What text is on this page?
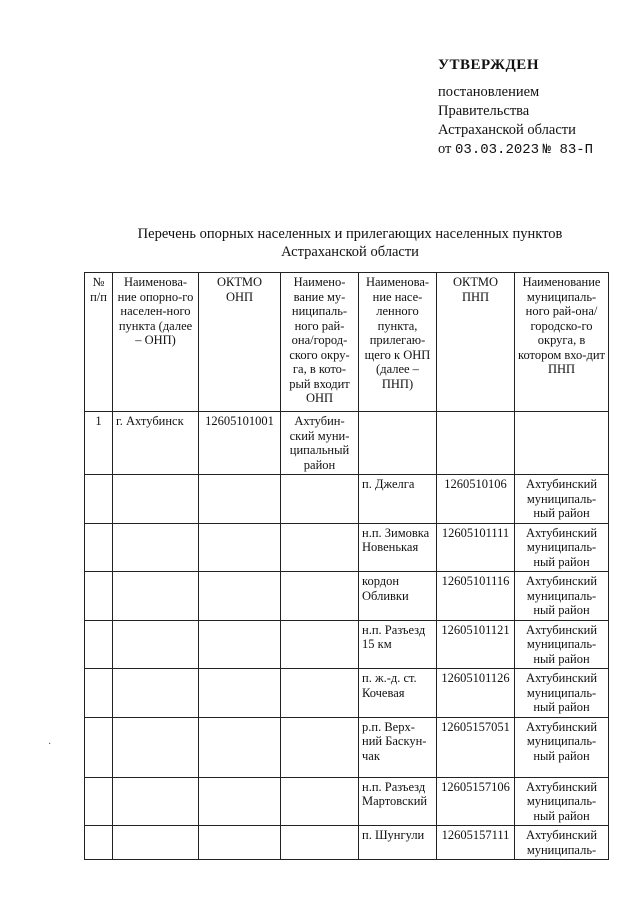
УТВЕРЖДЕН
постановлением
Правительства
Астраханской области
от 03.03.2023 № 83-П
Перечень опорных населенных и прилегающих населенных пунктов Астраханской области
№ п/п	Наименова-ние опорно-го населен-ного пункта (далее – ОНП)	ОКТМО ОНП	Наимено-вание му-ниципаль-ного рай-она/город-ского окру-га, в кото-рый входит ОНП	Наименова-ние насе-ленного пункта, прилегаю-щего к ОНП (далее – ПНП)	ОКТМО ПНП	Наименование муниципаль-ного рай-она/городско-го округа, в котором вхо-дит ПНП
1	г. Ахтубинск	12605101001	Ахтубин-ский муни-ципальный район			
				п. Джелга	1260510106	Ахтубинский муниципаль-ный район
				н.п. Зимовка Новенькая	12605101111	Ахтубинский муниципаль-ный район
				кордон Обливки	12605101116	Ахтубинский муниципаль-ный район
				н.п. Разъезд 15 км	12605101121	Ахтубинский муниципаль-ный район
				п. ж.-д. ст. Кочевая	12605101126	Ахтубинский муниципаль-ный район
				р.п. Верх-ний Баскун-чак	12605157051	Ахтубинский муниципаль-ный район
				н.п. Разъезд Мартовский	12605157106	Ахтубинский муниципаль-ный район
				п. Шунгули	12605157111	Ахтубинский муниципаль-
·
